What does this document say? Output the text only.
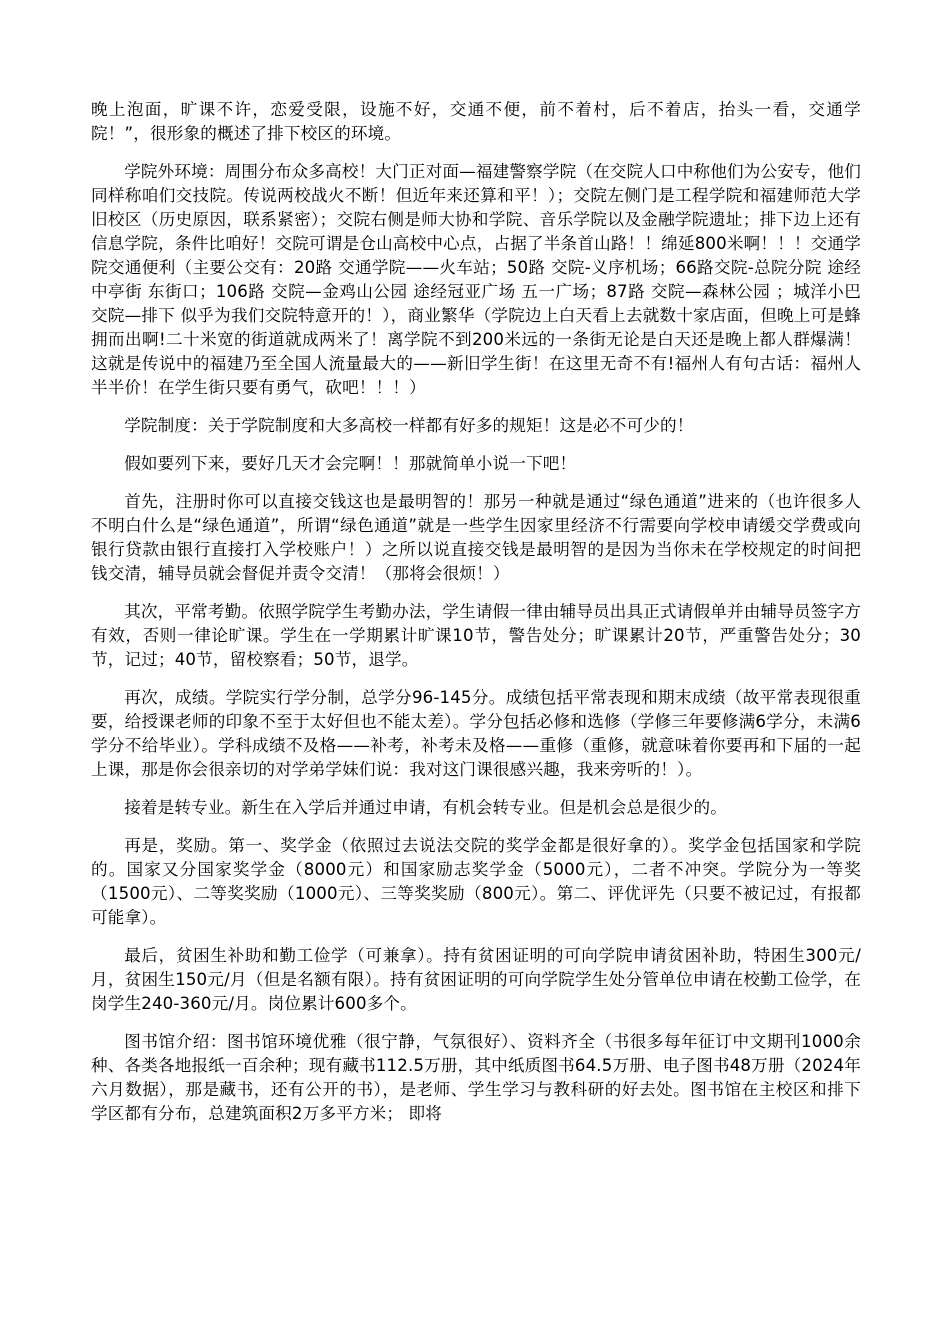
晚上泡面，旷课不许，恋爱受限，设施不好，交通不便，前不着村，后不着店，抬头一看，交通学院！”，很形象的概述了排下校区的环境。

学院外环境：周围分布众多高校！大门正对面—福建警察学院（在交院人口中称他们为公安专，他们同样称咱们交技院。传说两校战火不断！但近年来还算和平！）；交院左侧门是工程学院和福建师范大学旧校区（历史原因，联系紧密）；交院右侧是师大协和学院、音乐学院以及金融学院遗址；排下边上还有信息学院，条件比咱好！交院可谓是仓山高校中心点，占据了半条首山路！！绵延800米啊！！！交通学院交通便利（主要公交有：20路 交通学院——火车站；50路 交院-义序机场；66路交院-总院分院 途经中亭街 东街口；106路 交院—金鸡山公园 途经冠亚广场 五一广场；87路 交院—森林公园 ；城洋小巴 交院—排下 似乎为我们交院特意开的！），商业繁华（学院边上白天看上去就数十家店面，但晚上可是蜂拥而出啊!二十米宽的街道就成两米了！离学院不到200米远的一条街无论是白天还是晚上都人群爆满！这就是传说中的福建乃至全国人流量最大的——新旧学生街！在这里无奇不有!福州人有句古话：福州人半半价！在学生街只要有勇气，砍吧！！！）

学院制度：关于学院制度和大多高校一样都有好多的规矩！这是必不可少的！

假如要列下来，要好几天才会完啊！！那就简单小说一下吧！

首先，注册时你可以直接交钱这也是最明智的！那另一种就是通过“绿色通道”进来的（也许很多人不明白什么是“绿色通道”，所谓“绿色通道”就是一些学生因家里经济不行需要向学校申请缓交学费或向银行贷款由银行直接打入学校账户！）之所以说直接交钱是最明智的是因为当你未在学校规定的时间把钱交清，辅导员就会督促并责令交清！（那将会很烦！）

其次，平常考勤。依照学院学生考勤办法，学生请假一律由辅导员出具正式请假单并由辅导员签字方有效，否则一律论旷课。学生在一学期累计旷课10节，警告处分；旷课累计20节，严重警告处分；30节，记过；40节，留校察看；50节，退学。

再次，成绩。学院实行学分制，总学分96-145分。成绩包括平常表现和期末成绩（故平常表现很重要，给授课老师的印象不至于太好但也不能太差）。学分包括必修和选修（学修三年要修满6学分，未满6学分不给毕业）。学科成绩不及格——补考，补考未及格——重修（重修，就意味着你要再和下届的一起上课，那是你会很亲切的对学弟学妹们说：我对这门课很感兴趣，我来旁听的！）。

接着是转专业。新生在入学后并通过申请，有机会转专业。但是机会总是很少的。

再是，奖励。第一、奖学金（依照过去说法交院的奖学金都是很好拿的）。奖学金包括国家和学院的。国家又分国家奖学金（8000元）和国家励志奖学金（5000元），二者不冲突。学院分为一等奖（1500元）、二等奖奖励（1000元）、三等奖奖励（800元）。第二、评优评先（只要不被记过，有报都可能拿）。

最后，贫困生补助和勤工俭学（可兼拿）。持有贫困证明的可向学院申请贫困补助，特困生300元/月，贫困生150元/月（但是名额有限）。持有贫困证明的可向学院学生处分管单位申请在校勤工俭学，在岗学生240-360元/月。岗位累计600多个。

图书馆介绍：图书馆环境优雅（很宁静，气氛很好）、资料齐全（书很多每年征订中文期刊1000余种、各类各地报纸一百余种；现有藏书112.5万册，其中纸质图书64.5万册、电子图书48万册（2024年六月数据），那是藏书，还有公开的书），是老师、学生学习与教科研的好去处。图书馆在主校区和排下学区都有分布，总建筑面积2万多平方米； 即将
